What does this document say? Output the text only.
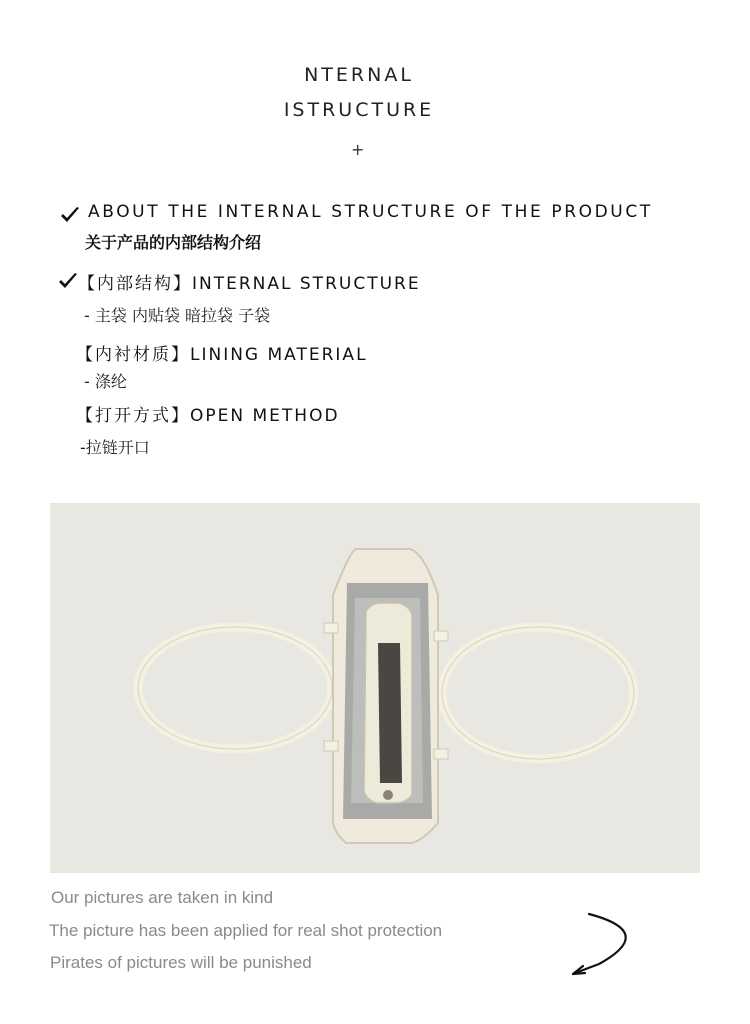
NTERNAL
ISTRUCTURE
+
ABOUT THE INTERNAL STRUCTURE OF THE PRODUCT
关于产品的内部结构介绍
【内部结构】INTERNAL STRUCTURE
- 主袋 内贴袋 暗拉袋 子袋
【内衬材质】LINING MATERIAL
- 涤纶
【打开方式】OPEN METHOD
-拉链开口
Our pictures are taken in kind
The picture has been applied for real shot protection
Pirates of pictures will be punished
